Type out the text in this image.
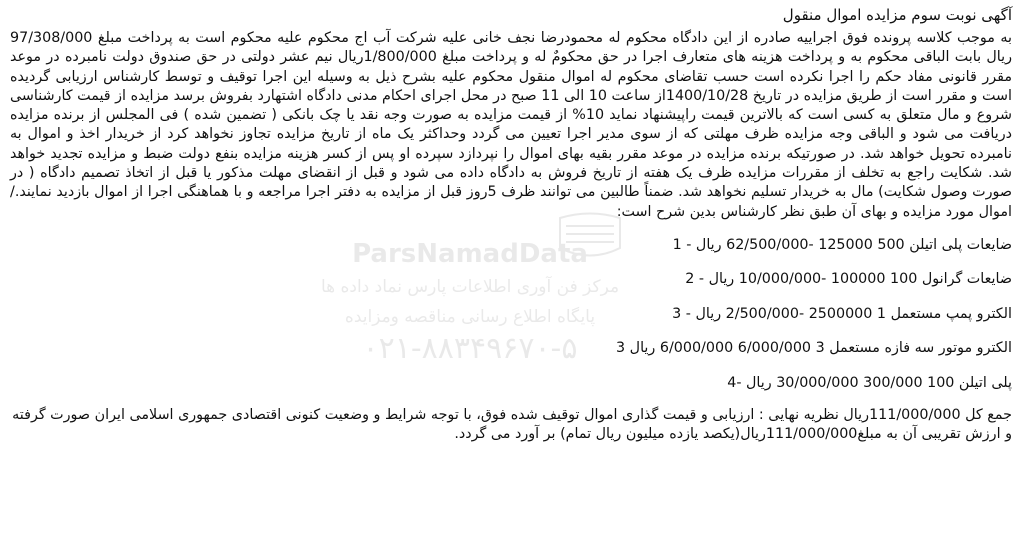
ParsNamadData
مرکز فن آوری اطلاعات پارس نماد داده ها
پایگاه اطلاع رسانی مناقصه ومزایده
۰۲۱-۸۸۳۴۹۶۷۰-۵
آگهی نوبت سوم مزایده اموال منقول
به موجب کلاسه پرونده فوق اجراییه صادره از این دادگاه محکوم له محمودرضا نجف خانی علیه شرکت آب اج محکوم علیه محکوم است به پرداخت مبلغ 97/308/000 ریال بابت الباقی محکوم به و پرداخت هزینه های متعارف اجرا در حق محکومٌ له و پرداخت مبلغ 1/800/000ریال نیم عشر دولتی در حق صندوق دولت نامبرده در موعد مقرر قانونی مفاد حکم را اجرا نکرده است حسب تقاضای محکوم له اموال منقول محکوم علیه بشرح ذیل به وسیله این اجرا توقیف و توسط کارشناس ارزیابی گردیده است و مقرر است از طریق مزایده در تاریخ 1400/10/28از ساعت 10 الی 11 صبح در محل اجرای احکام مدنی دادگاه اشتهارد بفروش برسد مزایده از قیمت کارشناسی شروع و مال متعلق به کسی است که بالاترین قیمت راپیشنهاد نماید 10% از قیمت مزایده به صورت وجه نقد یا چک بانکی ( تضمین شده ) فی المجلس از برنده مزایده دریافت می شود و الباقی وجه مزایده ظرف مهلتی که از سوی مدیر اجرا تعیین می گردد وحداکثر یک ماه از تاریخ مزایده تجاوز نخواهد کرد از خریدار اخذ و اموال به نامبرده تحویل خواهد شد. در صورتیکه برنده مزایده در موعد مقرر بقیه بهای اموال را نپردازد سپرده او پس از کسر هزینه مزایده بنفع دولت ضبط و مزایده تجدید خواهد شد. شکایت راجع به تخلف از مقررات مزایده ظرف یک هفته از تاریخ فروش به دادگاه داده می شود و قبل از انقضای مهلت مذکور یا قبل از اتخاذ تصمیم دادگاه ( در صورت وصول شکایت) مال به خریدار تسلیم نخواهد شد. ضمناً طالبین می توانند ظرف 5روز قبل از مزایده به دفتر اجرا مراجعه و با هماهنگی اجرا از اموال بازدید نمایند./اموال مورد مزایده و بهای آن طبق نظر کارشناس بدین شرح است:
ضایعات پلی اتیلن 500 125000 -62/500/000 ریال - 1
ضایعات گرانول 100 100000 -10/000/000 ریال - 2
الکترو پمپ مستعمل 1 2500000 -2/500/000 ریال - 3
الکترو موتور سه فازه مستعمل 3 6/000/000 6/000/000 ریال 3
پلی اتیلن 100 300/000 30/000/000 ریال -4
جمع کل 111/000/000ریال نظریه نهایی : ارزیابی و قیمت گذاری اموال توقیف شده فوق، با توجه شرایط و وضعیت کنونی اقتصادی جمهوری اسلامی ایران صورت گرفته و ارزش تقریبی آن به مبلغ111/000/000ریال(یکصد یازده میلیون ریال تمام) بر آورد می گردد.
